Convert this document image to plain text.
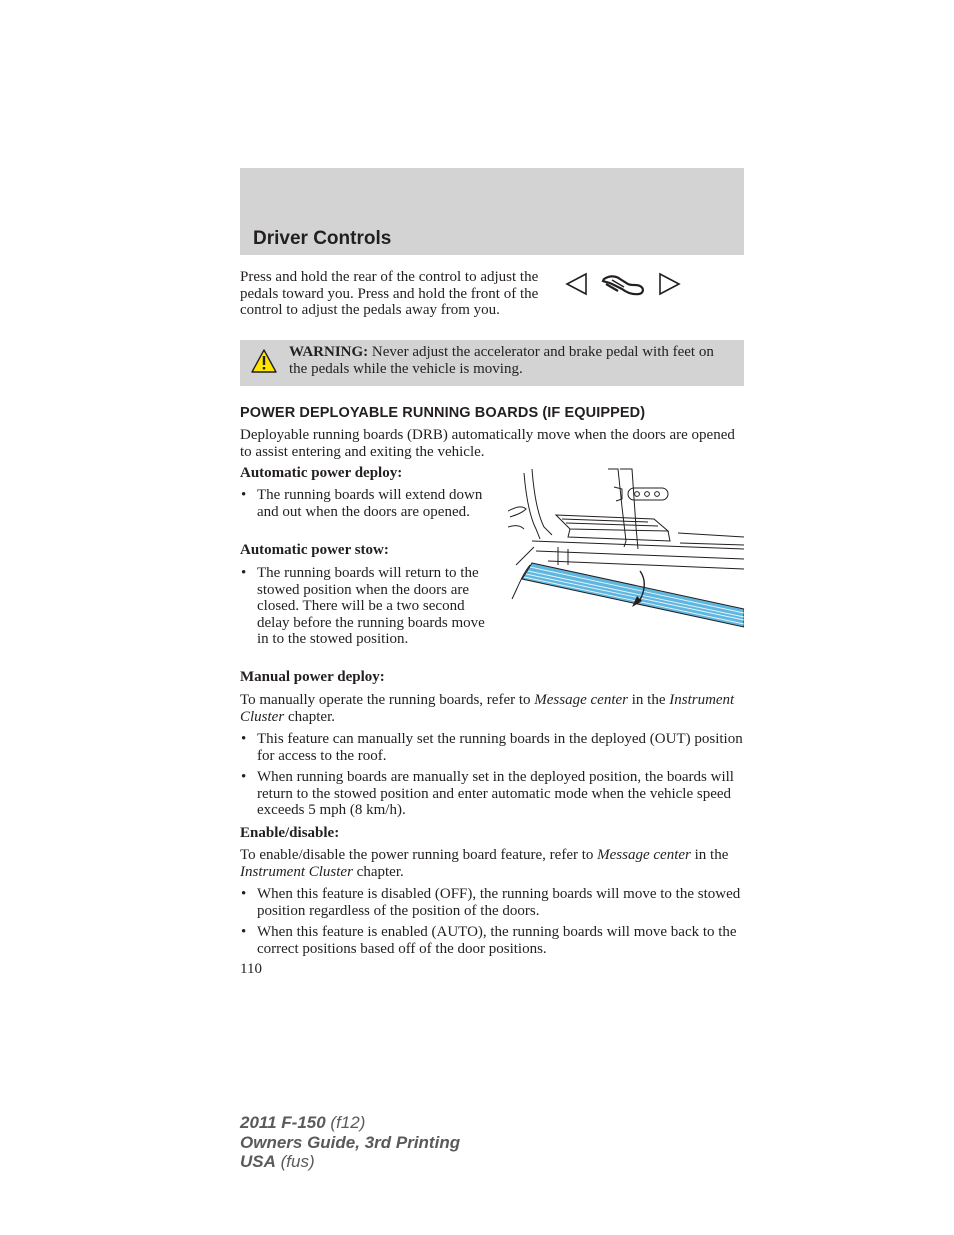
Driver Controls
Press and hold the rear of the control to adjust the pedals toward you. Press and hold the front of the control to adjust the pedals away from you.
WARNING: Never adjust the accelerator and brake pedal with feet on the pedals while the vehicle is moving.
POWER DEPLOYABLE RUNNING BOARDS (IF EQUIPPED)
Deployable running boards (DRB) automatically move when the doors are opened to assist entering and exiting the vehicle.
Automatic power deploy:
• The running boards will extend down and out when the doors are opened.
Automatic power stow:
• The running boards will return to the stowed position when the doors are closed. There will be a two second delay before the running boards move in to the stowed position.
Manual power deploy:
To manually operate the running boards, refer to Message center in the Instrument Cluster chapter.
• This feature can manually set the running boards in the deployed (OUT) position for access to the roof.
• When running boards are manually set in the deployed position, the boards will return to the stowed position and enter automatic mode when the vehicle speed exceeds 5 mph (8 km/h).
Enable/disable:
To enable/disable the power running board feature, refer to Message center in the Instrument Cluster chapter.
• When this feature is disabled (OFF), the running boards will move to the stowed position regardless of the position of the doors.
• When this feature is enabled (AUTO), the running boards will move back to the correct positions based off of the door positions.
110
2011 F-150 (f12)
Owners Guide, 3rd Printing
USA (fus)
